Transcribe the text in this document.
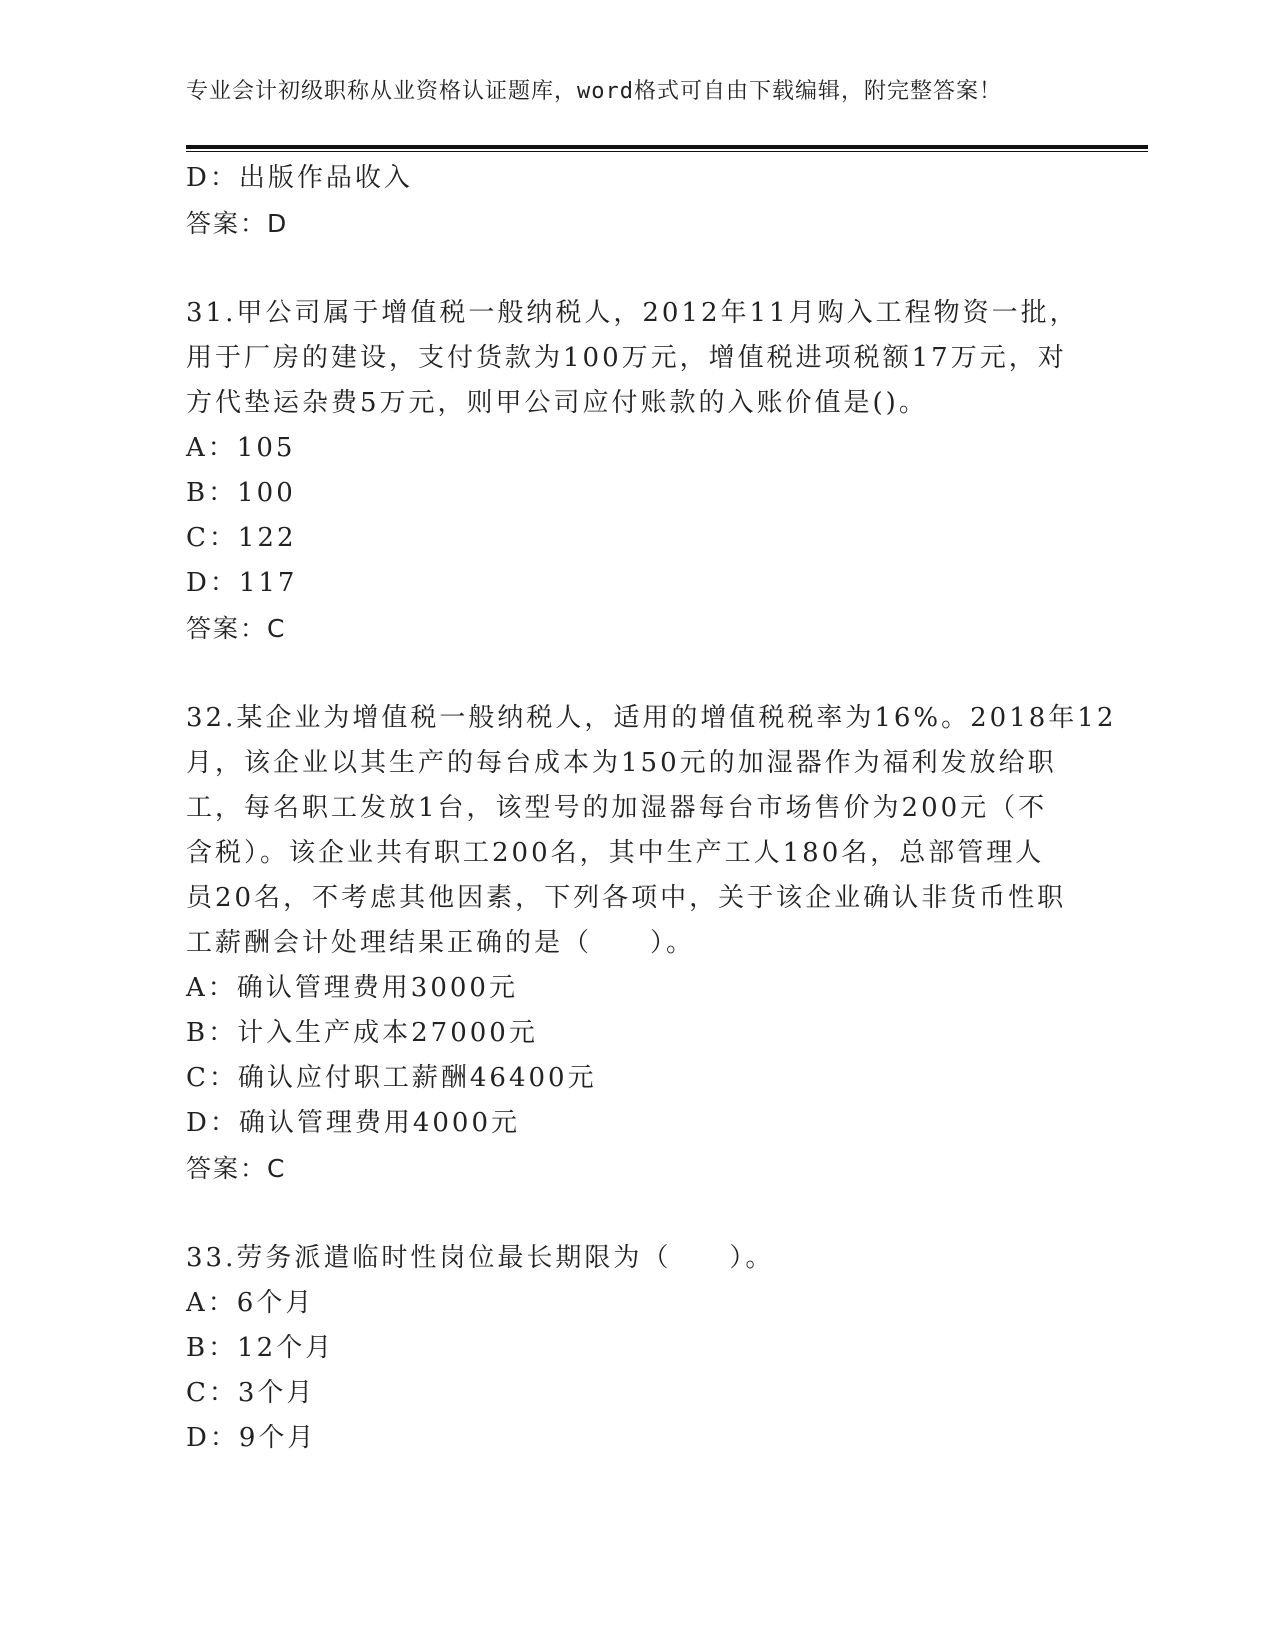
专业会计初级职称从业资格认证题库，word格式可自由下载编辑，附完整答案！
D：出版作品收入
答案：D
31.甲公司属于增值税一般纳税人，2012年11月购入工程物资一批，
用于厂房的建设，支付货款为100万元，增值税进项税额17万元，对
方代垫运杂费5万元，则甲公司应付账款的入账价值是()。
A：105
B：100
C：122
D：117
答案：C
32.某企业为增值税一般纳税人，适用的增值税税率为16%。2018年12
月，该企业以其生产的每台成本为150元的加湿器作为福利发放给职
工，每名职工发放1台，该型号的加湿器每台市场售价为200元（不
含税）。该企业共有职工200名，其中生产工人180名，总部管理人
员20名，不考虑其他因素，下列各项中，关于该企业确认非货币性职
工薪酬会计处理结果正确的是（　　）。
A：确认管理费用3000元
B：计入生产成本27000元
C：确认应付职工薪酬46400元
D：确认管理费用4000元
答案：C
33.劳务派遣临时性岗位最长期限为（　　）。
A：6个月
B：12个月
C：3个月
D：9个月
